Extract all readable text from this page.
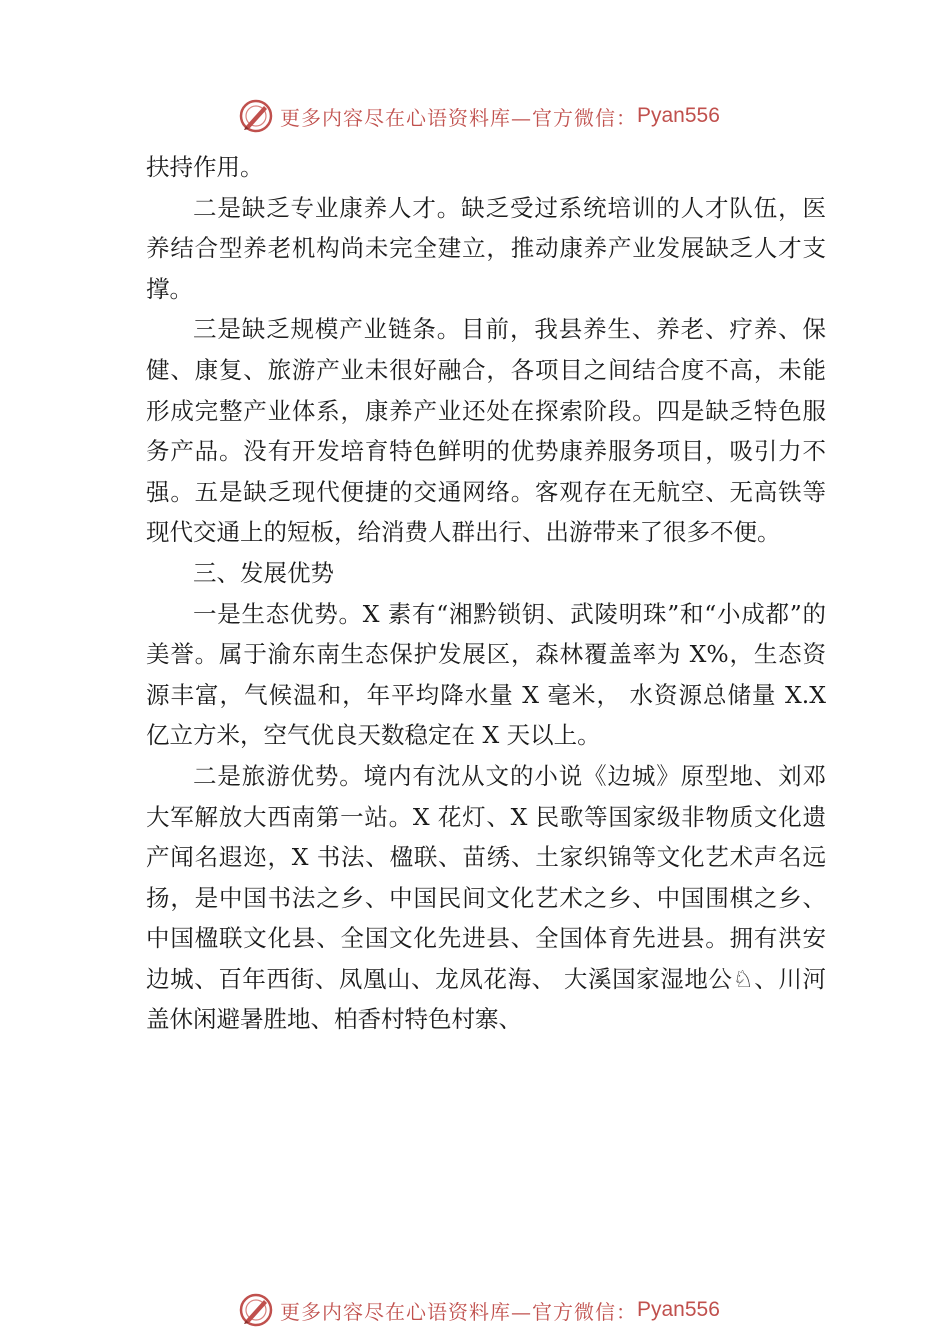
更多内容尽在心语资料库—官方微信： Pyan556

扶持作用。

二是缺乏专业康养人才。缺乏受过系统培训的人才队伍，医养结合型养老机构尚未完全建立，推动康养产业发展缺乏人才支撑。

三是缺乏规模产业链条。目前，我县养生、养老、疗养、保健、康复、旅游产业未很好融合，各项目之间结合度不高，未能形成完整产业体系，康养产业还处在探索阶段。四是缺乏特色服务产品。没有开发培育特色鲜明的优势康养服务项目，吸引力不强。五是缺乏现代便捷的交通网络。客观存在无航空、无高铁等现代交通上的短板，给消费人群出行、出游带来了很多不便。

三、发展优势

一是生态优势。X 素有“湘黔锁钥、武陵明珠”和“小成都”的美誉。属于渝东南生态保护发展区，森林覆盖率为 X%，生态资源丰富，气候温和，年平均降水量 X 毫米， 水资源总储量 X.X 亿立方米，空气优良天数稳定在 X 天以上。

二是旅游优势。境内有沈从文的小说《边城》原型地、刘邓大军解放大西南第一站。X 花灯、X 民歌等国家级非物质文化遗产闻名遐迩，X 书法、楹联、苗绣、土家织锦等文化艺术声名远扬，是中国书法之乡、中国民间文化艺术之乡、中国围棋之乡、中国楹联文化县、全国文化先进县、全国体育先进县。拥有洪安边城、百年西街、凤凰山、龙凤花海、 大溪国家湿地公♘、川河盖休闲避暑胜地、柏香村特色村寨、

更多内容尽在心语资料库—官方微信： Pyan556
